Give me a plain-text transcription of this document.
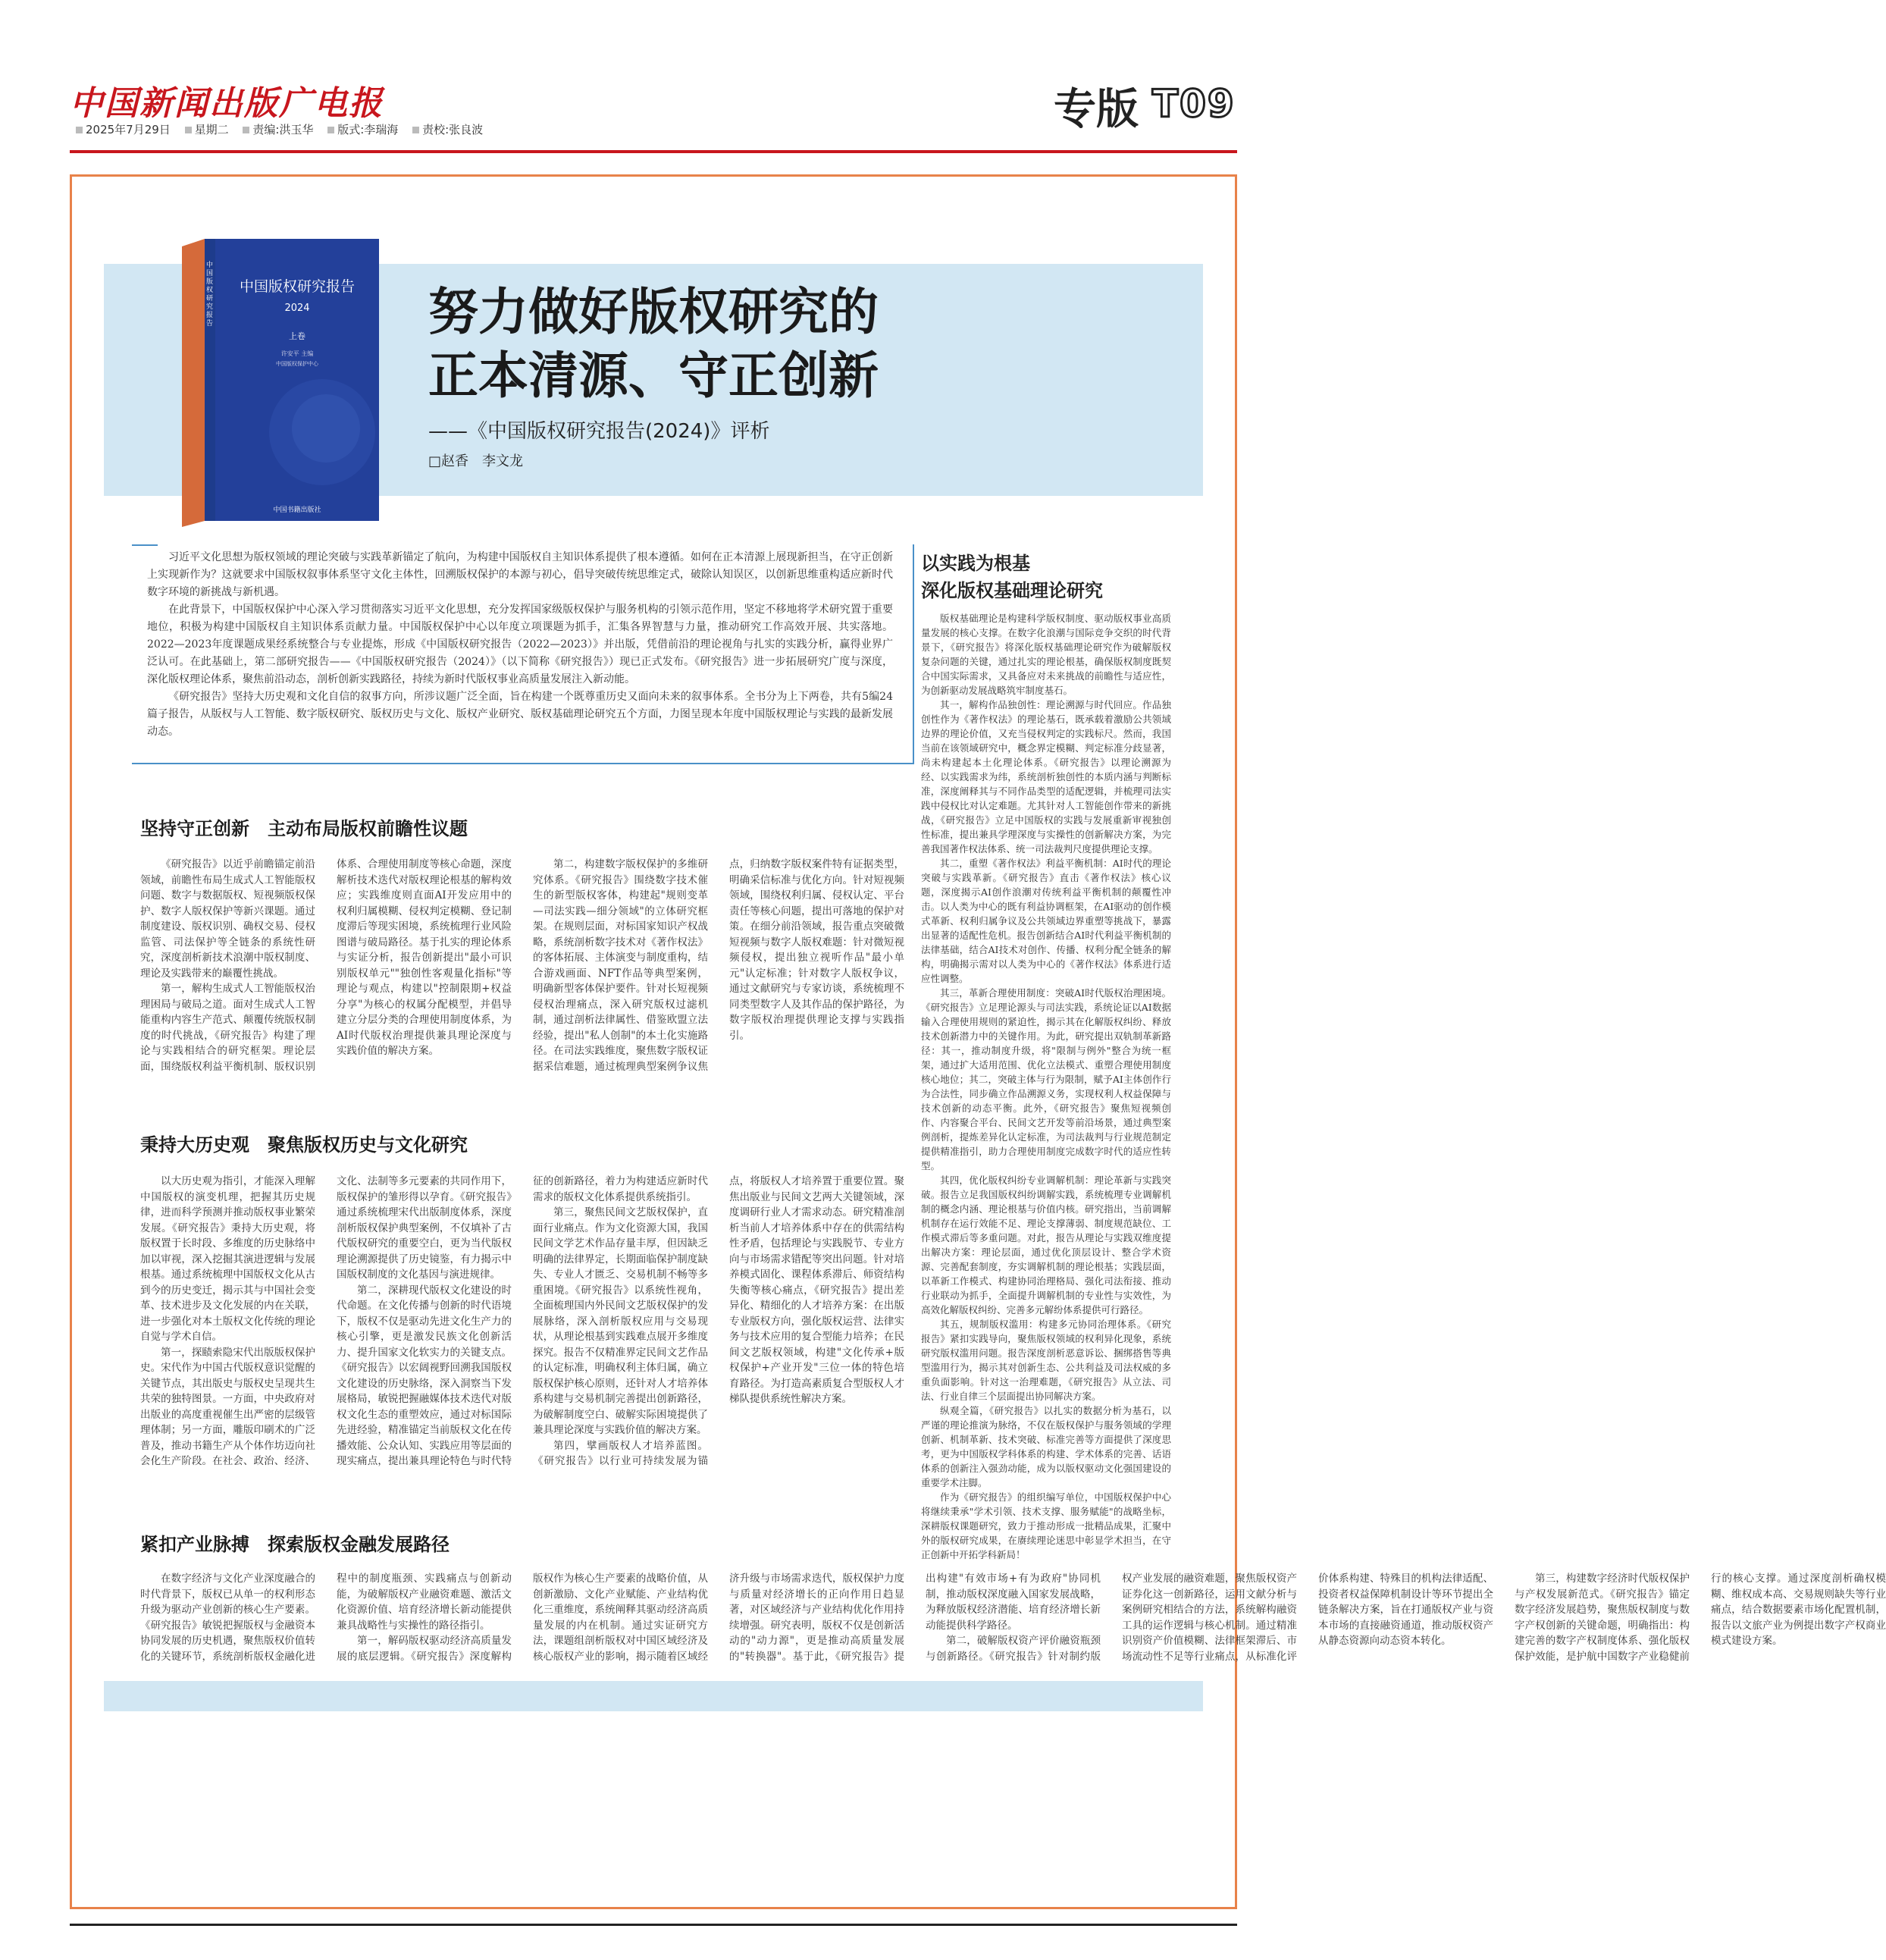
中国新闻出版广电报
2025年7月29日 星期二 责编:洪玉华 版式:李瑞海 责校:张良波	专版 T09
中国版权研究报告
2024
上卷
许安平 主编
中国版权保护中心
中国版权研究报告
中国书籍出版社
努力做好版权研究的
正本清源、守正创新
——《中国版权研究报告(2024)》评析
□赵香　李文龙

习近平文化思想为版权领域的理论突破与实践革新锚定了航向，为构建中国版权自主知识体系提供了根本遵循。如何在正本清源上展现新担当，在守正创新上实现新作为？这就要求中国版权叙事体系坚守文化主体性，回溯版权保护的本源与初心，倡导突破传统思维定式，破除认知误区，以创新思维重构适应新时代数字环境的新挑战与新机遇。

在此背景下，中国版权保护中心深入学习贯彻落实习近平文化思想，充分发挥国家级版权保护与服务机构的引领示范作用，坚定不移地将学术研究置于重要地位，积极为构建中国版权自主知识体系贡献力量。中国版权保护中心以年度立项课题为抓手，汇集各界智慧与力量，推动研究工作高效开展、共实落地。2022—2023年度课题成果经系统整合与专业提炼，形成《中国版权研究报告（2022—2023）》并出版，凭借前沿的理论视角与扎实的实践分析，赢得业界广泛认可。在此基础上，第二部研究报告——《中国版权研究报告（2024）》（以下简称《研究报告》）现已正式发布。《研究报告》进一步拓展研究广度与深度，深化版权理论体系，聚焦前沿动态，剖析创新实践路径，持续为新时代版权事业高质量发展注入新动能。

《研究报告》坚持大历史观和文化自信的叙事方向，所涉议题广泛全面，旨在构建一个既尊重历史又面向未来的叙事体系。全书分为上下两卷，共有5编24篇子报告，从版权与人工智能、数字版权研究、版权历史与文化、版权产业研究、版权基础理论研究五个方面，力图呈现本年度中国版权理论与实践的最新发展动态。

以实践为根基
深化版权基础理论研究

版权基础理论是构建科学版权制度、驱动版权事业高质量发展的核心支撑。在数字化浪潮与国际竞争交织的时代背景下，《研究报告》将深化版权基础理论研究作为破解版权复杂问题的关键，通过扎实的理论根基，确保版权制度既契合中国实际需求，又具备应对未来挑战的前瞻性与适应性，为创新驱动发展战略筑牢制度基石。

其一，解构作品独创性：理论溯源与时代回应。作品独创性作为《著作权法》的理论基石，既承载着激励公共领域边界的理论价值，又充当侵权判定的实践标尺。然而，我国当前在该领域研究中，概念界定模糊、判定标准分歧显著，尚未构建起本土化理论体系。《研究报告》以理论溯源为经、以实践需求为纬，系统剖析独创性的本质内涵与判断标准，深度阐释其与不同作品类型的适配逻辑，并梳理司法实践中侵权比对认定难题。尤其针对人工智能创作带来的新挑战，《研究报告》立足中国版权的实践与发展重新审视独创性标准，提出兼具学理深度与实操性的创新解决方案，为完善我国著作权法体系、统一司法裁判尺度提供理论支撑。

其二，重塑《著作权法》利益平衡机制：AI时代的理论突破与实践革新。《研究报告》直击《著作权法》核心议题，深度揭示AI创作浪潮对传统利益平衡机制的颠覆性冲击。以人类为中心的既有利益协调框架，在AI驱动的创作模式革新、权利归属争议及公共领域边界重塑等挑战下，暴露出显著的适配性危机。报告创新结合AI时代利益平衡机制的法律基础，结合AI技术对创作、传播、权利分配全链条的解构，明确揭示需对以人类为中心的《著作权法》体系进行适应性调整。

其三，革新合理使用制度：突破AI时代版权治理困境。《研究报告》立足理论源头与司法实践，系统论证以AI数据输入合理使用规则的紧迫性，揭示其在化解版权纠纷、释放技术创新潜力中的关键作用。为此，研究提出双轨制革新路径：其一，推动制度升级，将"限制与例外"整合为统一框架，通过扩大适用范围、优化立法模式、重塑合理使用制度核心地位；其二，突破主体与行为限制，赋予AI主体创作行为合法性，同步确立作品溯源义务，实现权利人权益保障与技术创新的动态平衡。此外，《研究报告》聚焦短视频创作、内容聚合平台、民间文艺开发等前沿场景，通过典型案例剖析，提炼差异化认定标准，为司法裁判与行业规范制定提供精准指引，助力合理使用制度完成数字时代的适应性转型。

其四，优化版权纠纷专业调解机制：理论革新与实践突破。报告立足我国版权纠纷调解实践，系统梳理专业调解机制的概念内涵、理论根基与价值内核。研究指出，当前调解机制存在运行效能不足、理论支撑薄弱、制度规范缺位、工作模式滞后等多重问题。对此，报告从理论与实践双维度提出解决方案：理论层面，通过优化顶层设计、整合学术资源、完善配套制度，夯实调解机制的理论根基；实践层面，以革新工作模式、构建协同治理格局、强化司法衔接、推动行业联动为抓手，全面提升调解机制的专业性与实效性，为高效化解版权纠纷、完善多元解纷体系提供可行路径。

其五，规制版权滥用：构建多元协同治理体系。《研究报告》紧扣实践导向，聚焦版权领域的权利异化现象，系统研究版权滥用问题。报告深度剖析恶意诉讼、捆绑搭售等典型滥用行为，揭示其对创新生态、公共利益及司法权威的多重负面影响。针对这一治理难题，《研究报告》从立法、司法、行业自律三个层面提出协同解决方案。

纵观全篇，《研究报告》以扎实的数据分析为基石，以严谨的理论推演为脉络，不仅在版权保护与服务领域的学理创新、机制革新、技术突破、标准完善等方面提供了深度思考，更为中国版权学科体系的构建、学术体系的完善、话语体系的创新注入强劲动能，成为以版权驱动文化强国建设的重要学术注脚。

作为《研究报告》的组织编写单位，中国版权保护中心将继续秉承"学术引领、技术支撑、服务赋能"的战略坐标，深耕版权课题研究，致力于推动形成一批精品成果，汇聚中外的版权研究成果，在赓续理论迷思中彰显学术担当，在守正创新中开拓学科新局！

坚持守正创新　主动布局版权前瞻性议题

《研究报告》以近乎前瞻锚定前沿领域，前瞻性布局生成式人工智能版权问题、数字与数据版权、短视频版权保护、数字人版权保护等新兴课题。通过制度建设、版权识别、确权交易、侵权监管、司法保护等全链条的系统性研究，深度剖析新技术浪潮中版权制度、理论及实践带来的巅覆性挑战。

第一，解构生成式人工智能版权治理困局与破局之道。面对生成式人工智能重构内容生产范式、颠覆传统版权制度的时代挑战，《研究报告》构建了理论与实践相结合的研究框架。理论层面，围绕版权利益平衡机制、版权识别体系、合理使用制度等核心命题，深度解析技术迭代对版权理论根基的解构效应；实践维度则直面AI开发应用中的权利归属模糊、侵权判定模糊、登记制度滞后等现实困境，系统梳理行业风险图谱与破局路径。基于扎实的理论体系与实证分析，报告创新提出"最小可识别版权单元""独创性客观量化指标"等理论与观点，构建以"控制限期+权益分享"为核心的权属分配模型，并倡导建立分层分类的合理使用制度体系，为AI时代版权治理提供兼具理论深度与实践价值的解决方案。

第二，构建数字版权保护的多维研究体系。《研究报告》围绕数字技术催生的新型版权客体，构建起"规则变革—司法实践—细分领域"的立体研究框架。在规则层面，对标国家知识产权战略，系统剖析数字技术对《著作权法》的客体拓展、主体演变与制度重构，结合游戏画面、NFT作品等典型案例，明确新型客体保护要件。针对长短视频侵权治理痛点，深入研究版权过滤机制，通过剖析法律属性、借鉴欧盟立法经验，提出"私人创制"的本土化实施路径。在司法实践维度，聚焦数字版权证据采信难题，通过梳理典型案例争议焦点，归纳数字版权案件特有证据类型，明确采信标准与优化方向。针对短视频领域，围绕权利归属、侵权认定、平台责任等核心问题，提出可落地的保护对策。在细分前沿领域，报告重点突破微短视频与数字人版权难题：针对微短视频侵权，提出独立视听作品"最小单元"认定标准；针对数字人版权争议，通过文献研究与专家访谈，系统梳理不同类型数字人及其作品的保护路径，为数字版权治理提供理论支撑与实践指引。

秉持大历史观　聚焦版权历史与文化研究

以大历史观为指引，才能深入理解中国版权的演变机理，把握其历史规律，进而科学预测并推动版权事业繁荣发展。《研究报告》秉持大历史观，将版权置于长时段、多维度的历史脉络中加以审视，深入挖掘其演进逻辑与发展根基。通过系统梳理中国版权文化从古到今的历史变迁，揭示其与中国社会变革、技术进步及文化发展的内在关联，进一步强化对本土版权文化传统的理论自觉与学术自信。

第一，探赜索隐宋代出版版权保护史。宋代作为中国古代版权意识觉醒的关键节点，其出版史与版权史呈现共生共荣的独特图景。一方面，中央政府对出版业的高度重视催生出严密的层级管理体制；另一方面，雕版印刷术的广泛普及，推动书籍生产从个体作坊迈向社会化生产阶段。在社会、政治、经济、文化、法制等多元要素的共同作用下，版权保护的雏形得以孕育。《研究报告》通过系统梳理宋代出版制度体系，深度剖析版权保护典型案例，不仅填补了古代版权研究的重要空白，更为当代版权理论溯源提供了历史镜鉴，有力揭示中国版权制度的文化基因与演进规律。

第二，深耕现代版权文化建设的时代命题。在文化传播与创新的时代语境下，版权不仅是驱动先进文化生产力的核心引擎，更是激发民族文化创新活力、提升国家文化软实力的关键支点。《研究报告》以宏阔视野回溯我国版权文化建设的历史脉络，深入洞察当下发展格局，敏锐把握融媒体技术迭代对版权文化生态的重塑效应，通过对标国际先进经验，精准锚定当前版权文化在传播效能、公众认知、实践应用等层面的现实痛点，提出兼具理论特色与时代特征的创新路径，着力为构建适应新时代需求的版权文化体系提供系统指引。

第三，聚焦民间文艺版权保护，直面行业痛点。作为文化资源大国，我国民间文学艺术作品存量丰厚，但因缺乏明确的法律界定，长期面临保护制度缺失、专业人才匮乏、交易机制不畅等多重困境。《研究报告》以系统性视角，全面梳理国内外民间文艺版权保护的发展脉络，深入剖析版权应用与交易现状，从理论根基到实践难点展开多维度探究。报告不仅精准界定民间文艺作品的认定标准，明确权利主体归属，确立版权保护核心原则，还针对人才培养体系构建与交易机制完善提出创新路径，为破解制度空白、破解实际困境提供了兼具理论深度与实践价值的解决方案。

第四，擘画版权人才培养蓝图。《研究报告》以行业可持续发展为锚点，将版权人才培养置于重要位置。聚焦出版业与民间文艺两大关键领域，深度调研行业人才需求动态。研究精准剖析当前人才培养体系中存在的供需结构性矛盾，包括理论与实践脱节、专业方向与市场需求错配等突出问题。针对培养模式固化、课程体系滞后、师资结构失衡等核心痛点，《研究报告》提出差异化、精细化的人才培养方案：在出版专业版权方向，强化版权运营、法律实务与技术应用的复合型能力培养；在民间文艺版权领域，构建"文化传承+版权保护+产业开发"三位一体的特色培育路径。为打造高素质复合型版权人才梯队提供系统性解决方案。

紧扣产业脉搏　探索版权金融发展路径

在数字经济与文化产业深度融合的时代背景下，版权已从单一的权利形态升级为驱动产业创新的核心生产要素。《研究报告》敏锐把握版权与金融资本协同发展的历史机遇，聚焦版权价值转化的关键环节，系统剖析版权金融化进程中的制度瓶颈、实践痛点与创新动能，为破解版权产业融资难题、激活文化资源价值、培育经济增长新动能提供兼具战略性与实操性的路径指引。

第一，解码版权驱动经济高质量发展的底层逻辑。《研究报告》深度解构版权作为核心生产要素的战略价值，从创新激励、文化产业赋能、产业结构优化三重维度，系统阐释其驱动经济高质量发展的内在机制。通过实证研究方法，课题组剖析版权对中国区域经济及核心版权产业的影响，揭示随着区域经济升级与市场需求迭代，版权保护力度与质量对经济增长的正向作用日趋显著，对区域经济与产业结构优化作用持续增强。研究表明，版权不仅是创新活动的"动力源"，更是推动高质量发展的"转换器"。基于此，《研究报告》提出构建"有效市场+有为政府"协同机制，推动版权深度融入国家发展战略，为释放版权经济潜能、培育经济增长新动能提供科学路径。

第二，破解版权资产评价融资瓶颈与创新路径。《研究报告》针对制约版权产业发展的融资难题，聚焦版权资产证券化这一创新路径，运用文献分析与案例研究相结合的方法，系统解构融资工具的运作逻辑与核心机制。通过精准识别资产价值模糊、法律框架滞后、市场流动性不足等行业痛点，从标准化评价体系构建、特殊目的机构法律适配、投资者权益保障机制设计等环节提出全链条解决方案，旨在打通版权产业与资本市场的直接融资通道，推动版权资产从静态资源向动态资本转化。

第三，构建数字经济时代版权保护与产权发展新范式。《研究报告》锚定数字经济发展趋势，聚焦版权制度与数字产权创新的关键命题，明确指出：构建完善的数字产权制度体系、强化版权保护效能，是护航中国数字产业稳健前行的核心支撑。通过深度剖析确权模糊、维权成本高、交易规则缺失等行业痛点，结合数据要素市场化配置机制，报告以文旅产业为例提出数字产权商业模式建设方案。
